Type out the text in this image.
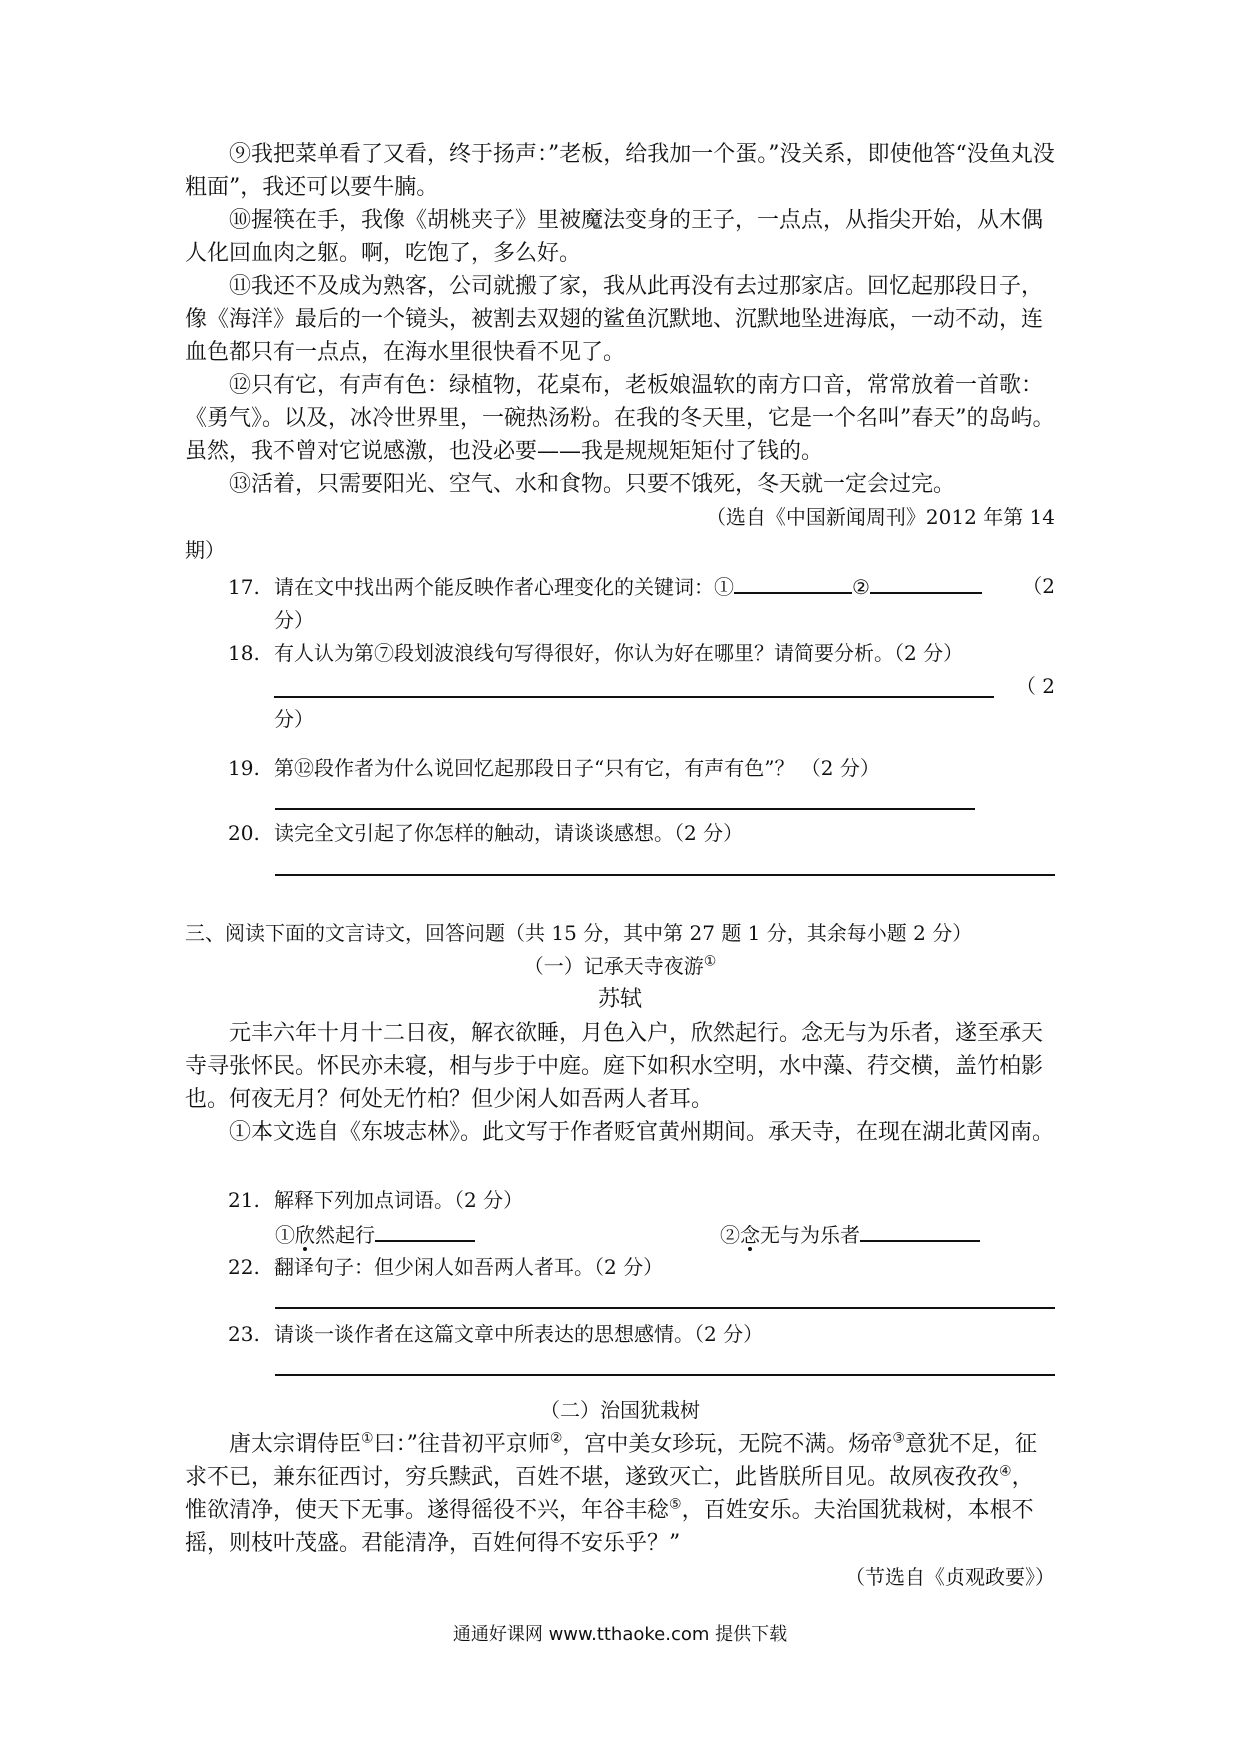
⑨我把菜单看了又看，终于扬声：”老板，给我加一个蛋。”没关系，即使他答“没鱼丸没粗面”，我还可以要牛腩。

⑩握筷在手，我像《胡桃夹子》里被魔法变身的王子，一点点，从指尖开始，从木偶人化回血肉之躯。啊，吃饱了，多么好。

⑪我还不及成为熟客，公司就搬了家，我从此再没有去过那家店。回忆起那段日子，像《海洋》最后的一个镜头，被割去双翅的鲨鱼沉默地、沉默地坠进海底，一动不动，连血色都只有一点点，在海水里很快看不见了。

⑫只有它，有声有色：绿植物，花桌布，老板娘温软的南方口音，常常放着一首歌：《勇气》。以及，冰冷世界里，一碗热汤粉。在我的冬天里，它是一个名叫”春天”的岛屿。虽然，我不曾对它说感激，也没必要——我是规规矩矩付了钱的。

⑬活着，只需要阳光、空气、水和食物。只要不饿死，冬天就一定会过完。

（选自《中国新闻周刊》2012 年第 14
期）
17. 请在文中找出两个能反映作者心理变化的关键词：①	②	（2
分）
18. 有人认为第⑦段划波浪线句写得很好，你认为好在哪里？请简要分析。（2 分）
（ 2
分）
19. 第⑫段作者为什么说回忆起那段日子“只有它，有声有色”？ （2 分）
20. 读完全文引起了你怎样的触动，请谈谈感想。（2 分）
三、阅读下面的文言诗文，回答问题（共 15 分，其中第 27 题 1 分，其余每小题 2 分）
（一）记承天寺夜游①
苏轼

元丰六年十月十二日夜，解衣欲睡，月色入户，欣然起行。念无与为乐者，遂至承天寺寻张怀民。怀民亦未寝，相与步于中庭。庭下如积水空明，水中藻、荇交横，盖竹柏影也。何夜无月？何处无竹柏？但少闲人如吾两人者耳。

①本文选自《东坡志林》。此文写于作者贬官黄州期间。承天寺，在现在湖北黄冈南。

21. 解释下列加点词语。（2 分）
①欣然起行	②念无与为乐者
22. 翻译句子：但少闲人如吾两人者耳。（2 分）
23. 请谈一谈作者在这篇文章中所表达的思想感情。（2 分）
（二）治国犹栽树

唐太宗谓侍臣①曰：”往昔初平京师②，宫中美女珍玩，无院不满。炀帝③意犹不足，征求不已，兼东征西讨，穷兵黩武，百姓不堪，遂致灭亡，此皆朕所目见。故夙夜孜孜④，惟欲清净，使天下无事。遂得徭役不兴，年谷丰稔⑤，百姓安乐。夫治国犹栽树，本根不摇，则枝叶茂盛。君能清净，百姓何得不安乐乎？”

（节选自《贞观政要》）
通通好课网 www.tthaoke.com 提供下载
